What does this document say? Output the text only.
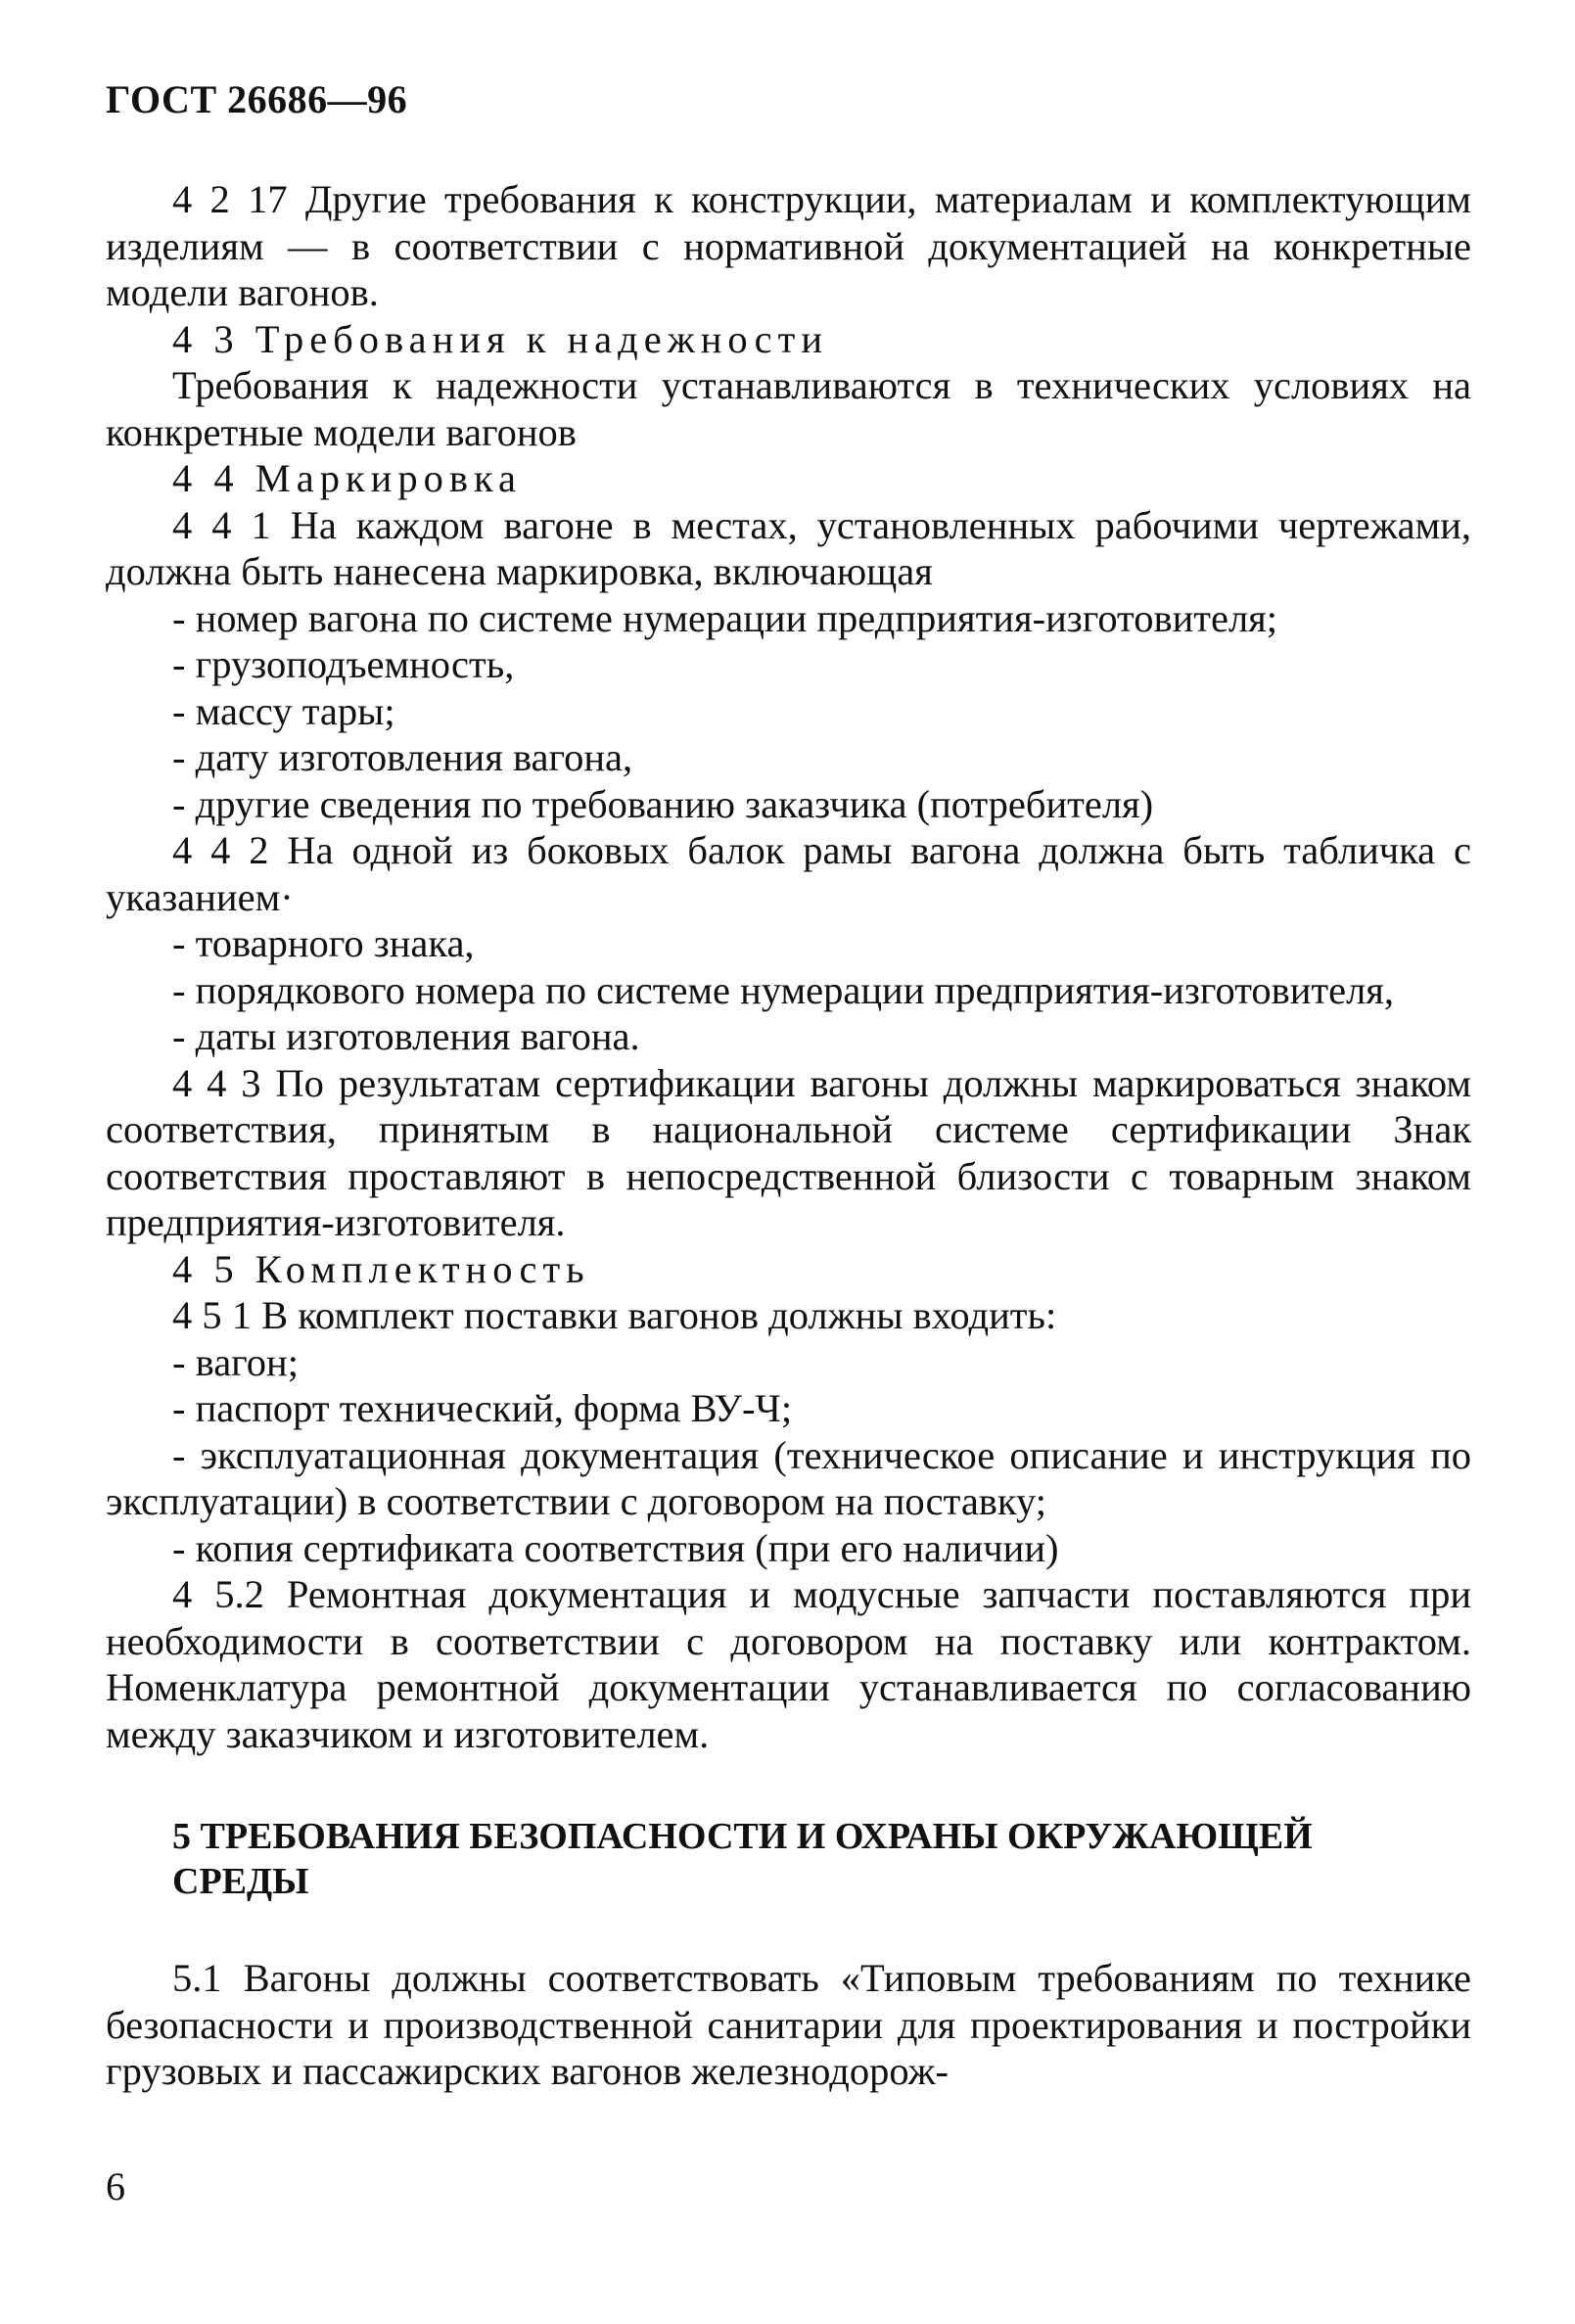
ГОСТ 26686—96

4 2 17 Другие требования к конструкции, материалам и комплектующим изделиям — в соответствии с нормативной документацией на конкретные модели вагонов.

4 3 Требования к надежности

Требования к надежности устанавливаются в технических условиях на конкретные модели вагонов

4 4 Маркировка

4 4 1 На каждом вагоне в местах, установленных рабочими чертежами, должна быть нанесена маркировка, включающая

- номер вагона по системе нумерации предприятия-изготовителя;

- грузоподъемность,

- массу тары;

- дату изготовления вагона,

- другие сведения по требованию заказчика (потребителя)

4 4 2 На одной из боковых балок рамы вагона должна быть табличка с указанием·

- товарного знака,

- порядкового номера по системе нумерации предприятия-изготовителя,

- даты изготовления вагона.

4 4 3 По результатам сертификации вагоны должны маркироваться знаком соответствия, принятым в национальной системе сертификации Знак соответствия проставляют в непосредственной близости с товарным знаком предприятия-изготовителя.

4 5 Комплектность

4 5 1 В комплект поставки вагонов должны входить:

- вагон;

- паспорт технический, форма ВУ-Ч;

- эксплуатационная документация (техническое описание и инструкция по эксплуатации) в соответствии с договором на поставку;

- копия сертификата соответствия (при его наличии)

4 5.2 Ремонтная документация и модусные запчасти поставляются при необходимости в соответствии с договором на поставку или контрактом. Номенклатура ремонтной документации устанавливается по согласованию между заказчиком и изготовителем.

5 ТРЕБОВАНИЯ БЕЗОПАСНОСТИ И ОХРАНЫ ОКРУЖАЮЩЕЙ
СРЕДЫ

5.1 Вагоны должны соответствовать «Типовым требованиям по технике безопасности и производственной санитарии для проектирования и постройки грузовых и пассажирских вагонов железнодорож-

6
